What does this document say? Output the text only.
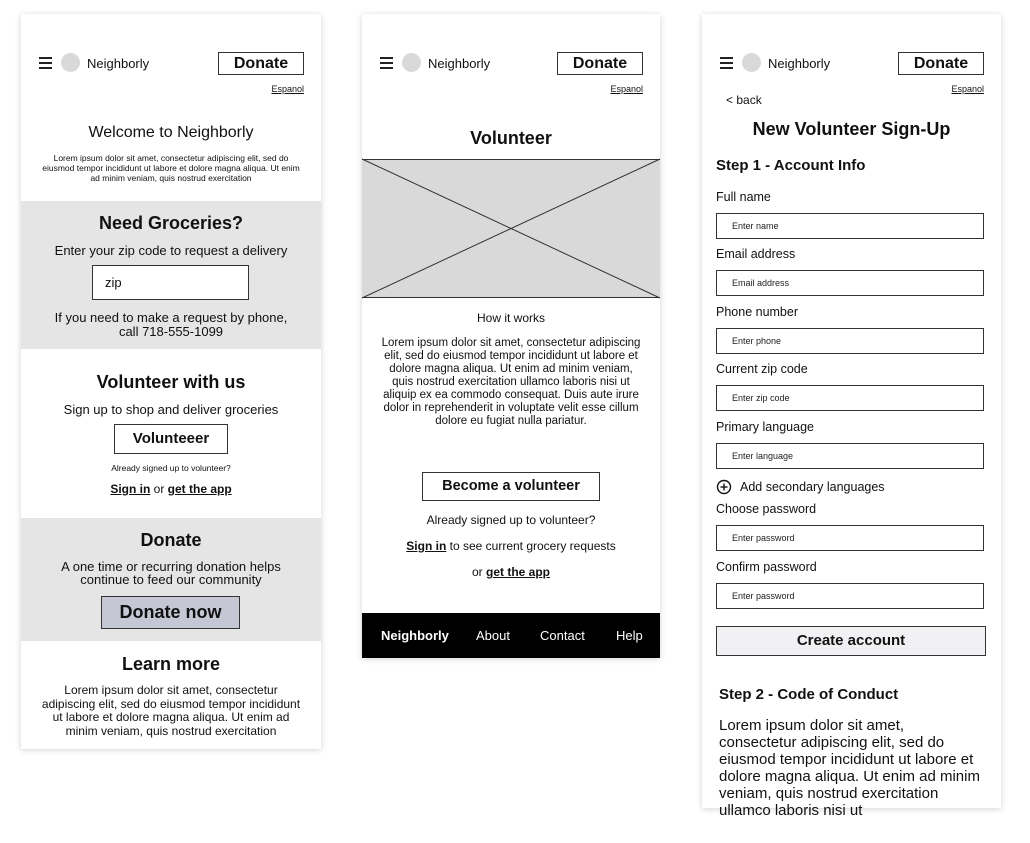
Neighborly	Donate
Espanol
Welcome to Neighborly
Lorem ipsum dolor sit amet, consectetur adipiscing elit, sed do eiusmod tempor incididunt ut labore et dolore magna aliqua. Ut enim ad minim veniam, quis nostrud exercitation
Need Groceries?
Enter your zip code to request a delivery
zip
If you need to make a request by phone, call 718-555-1099
Volunteer with us
Sign up to shop and deliver groceries
Volunteeer
Already signed up to volunteer?
Sign in or get the app
Donate
A one time or recurring donation helps continue to feed our community
Donate now
Learn more
Lorem ipsum dolor sit amet, consectetur adipiscing elit, sed do eiusmod tempor incididunt ut labore et dolore magna aliqua. Ut enim ad minim veniam, quis nostrud exercitation
Neighborly	Donate
Espanol
Volunteer
How it works
Lorem ipsum dolor sit amet, consectetur adipiscing elit, sed do eiusmod tempor incididunt ut labore et dolore magna aliqua. Ut enim ad minim veniam, quis nostrud exercitation ullamco laboris nisi ut aliquip ex ea commodo consequat. Duis aute irure dolor in reprehenderit in voluptate velit esse cillum dolore eu fugiat nulla pariatur.
Become a volunteer
Already signed up to volunteer?
Sign in to see current grocery requests
or get the app
Neighborly About Contact Help
Neighborly	Donate
Espanol
< back
New Volunteer Sign-Up
Step 1 - Account Info
Full name
Enter name
Email address
Email address
Phone number
Enter phone
Current zip code
Enter zip code
Primary language
Enter language
Add secondary languages
Choose password
Enter password
Confirm password
Enter password
Create account
Step 2 - Code of Conduct
Lorem ipsum dolor sit amet, consectetur adipiscing elit, sed do eiusmod tempor incididunt ut labore et dolore magna aliqua. Ut enim ad minim veniam, quis nostrud exercitation ullamco laboris nisi ut
